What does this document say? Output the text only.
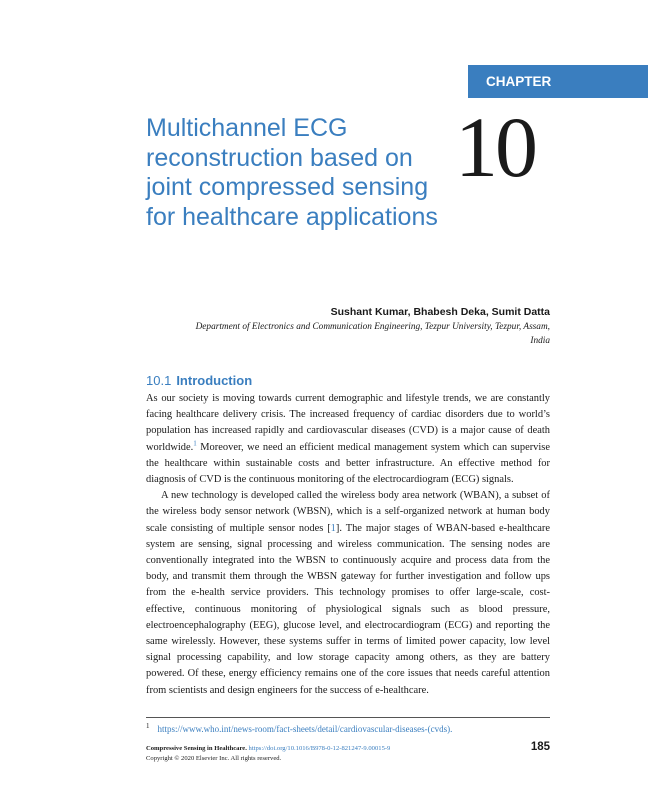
CHAPTER
Multichannel ECG reconstruction based on joint compressed sensing for healthcare applications
10
Sushant Kumar, Bhabesh Deka, Sumit Datta
Department of Electronics and Communication Engineering, Tezpur University, Tezpur, Assam, India
10.1 Introduction

As our society is moving towards current demographic and lifestyle trends, we are constantly facing healthcare delivery crisis. The increased frequency of cardiac disorders due to world’s population has increased rapidly and cardiovascular diseases (CVD) is a major cause of death worldwide.$^1$ Moreover, we need an efficient medical management system which can supervise the healthcare within sustainable costs and better infrastructure. An effective method for diagnosis of CVD is the continuous monitoring of the electrocardiogram (ECG) signals.

A new technology is developed called the wireless body area network (WBAN), a subset of the wireless body sensor network (WBSN), which is a self-organized network at human body scale consisting of multiple sensor nodes [1]. The major stages of WBAN-based e-healthcare system are sensing, signal processing and wireless communication. The sensing nodes are conventionally integrated into the WBSN to continuously acquire and process data from the body, and transmit them through the WBSN gateway for further investigation and follow ups from the e-health service providers. This technology promises to offer large-scale, cost-effective, continuous monitoring of physiological signals such as blood pressure, electroencephalography (EEG), glucose level, and electrocardiogram (ECG) and reporting the same wirelessly. However, these systems suffer in terms of limited power capacity, low level signal processing capability, and low storage capacity among others, as they are battery powered. Of these, energy efficiency remains one of the core issues that needs careful attention from scientists and design engineers for the success of e-healthcare.

$^1$ https://www.who.int/news-room/fact-sheets/detail/cardiovascular-diseases-(cvds).
Compressive Sensing in Healthcare. https://doi.org/10.1016/B978-0-12-821247-9.00015-9
Copyright © 2020 Elsevier Inc. All rights reserved.
185
